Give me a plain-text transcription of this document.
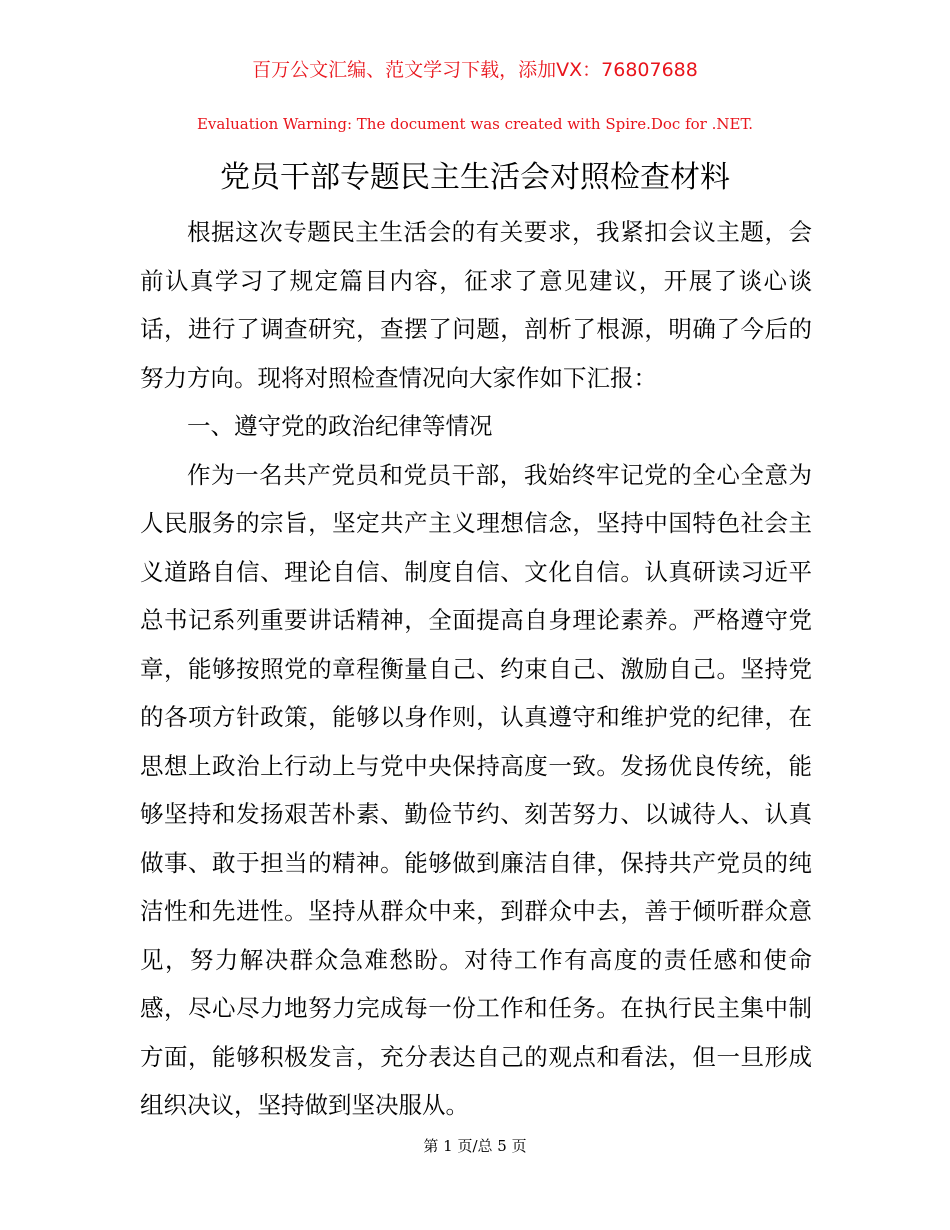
百万公文汇编、范文学习下载，添加VX：76807688
Evaluation Warning: The document was created with Spire.Doc for .NET.
党员干部专题民主生活会对照检查材料

根据这次专题民主生活会的有关要求，我紧扣会议主题，会前认真学习了规定篇目内容，征求了意见建议，开展了谈心谈话，进行了调查研究，查摆了问题，剖析了根源，明确了今后的努力方向。现将对照检查情况向大家作如下汇报：

一、遵守党的政治纪律等情况

作为一名共产党员和党员干部，我始终牢记党的全心全意为人民服务的宗旨，坚定共产主义理想信念，坚持中国特色社会主义道路自信、理论自信、制度自信、文化自信。认真研读习近平总书记系列重要讲话精神，全面提高自身理论素养。严格遵守党章，能够按照党的章程衡量自己、约束自己、激励自己。坚持党的各项方针政策，能够以身作则，认真遵守和维护党的纪律，在思想上政治上行动上与党中央保持高度一致。发扬优良传统，能够坚持和发扬艰苦朴素、勤俭节约、刻苦努力、以诚待人、认真做事、敢于担当的精神。能够做到廉洁自律，保持共产党员的纯洁性和先进性。坚持从群众中来，到群众中去，善于倾听群众意见，努力解决群众急难愁盼。对待工作有高度的责任感和使命感，尽心尽力地努力完成每一份工作和任务。在执行民主集中制方面，能够积极发言，充分表达自己的观点和看法，但一旦形成组织决议，坚持做到坚决服从。

第 1 页/总 5 页
